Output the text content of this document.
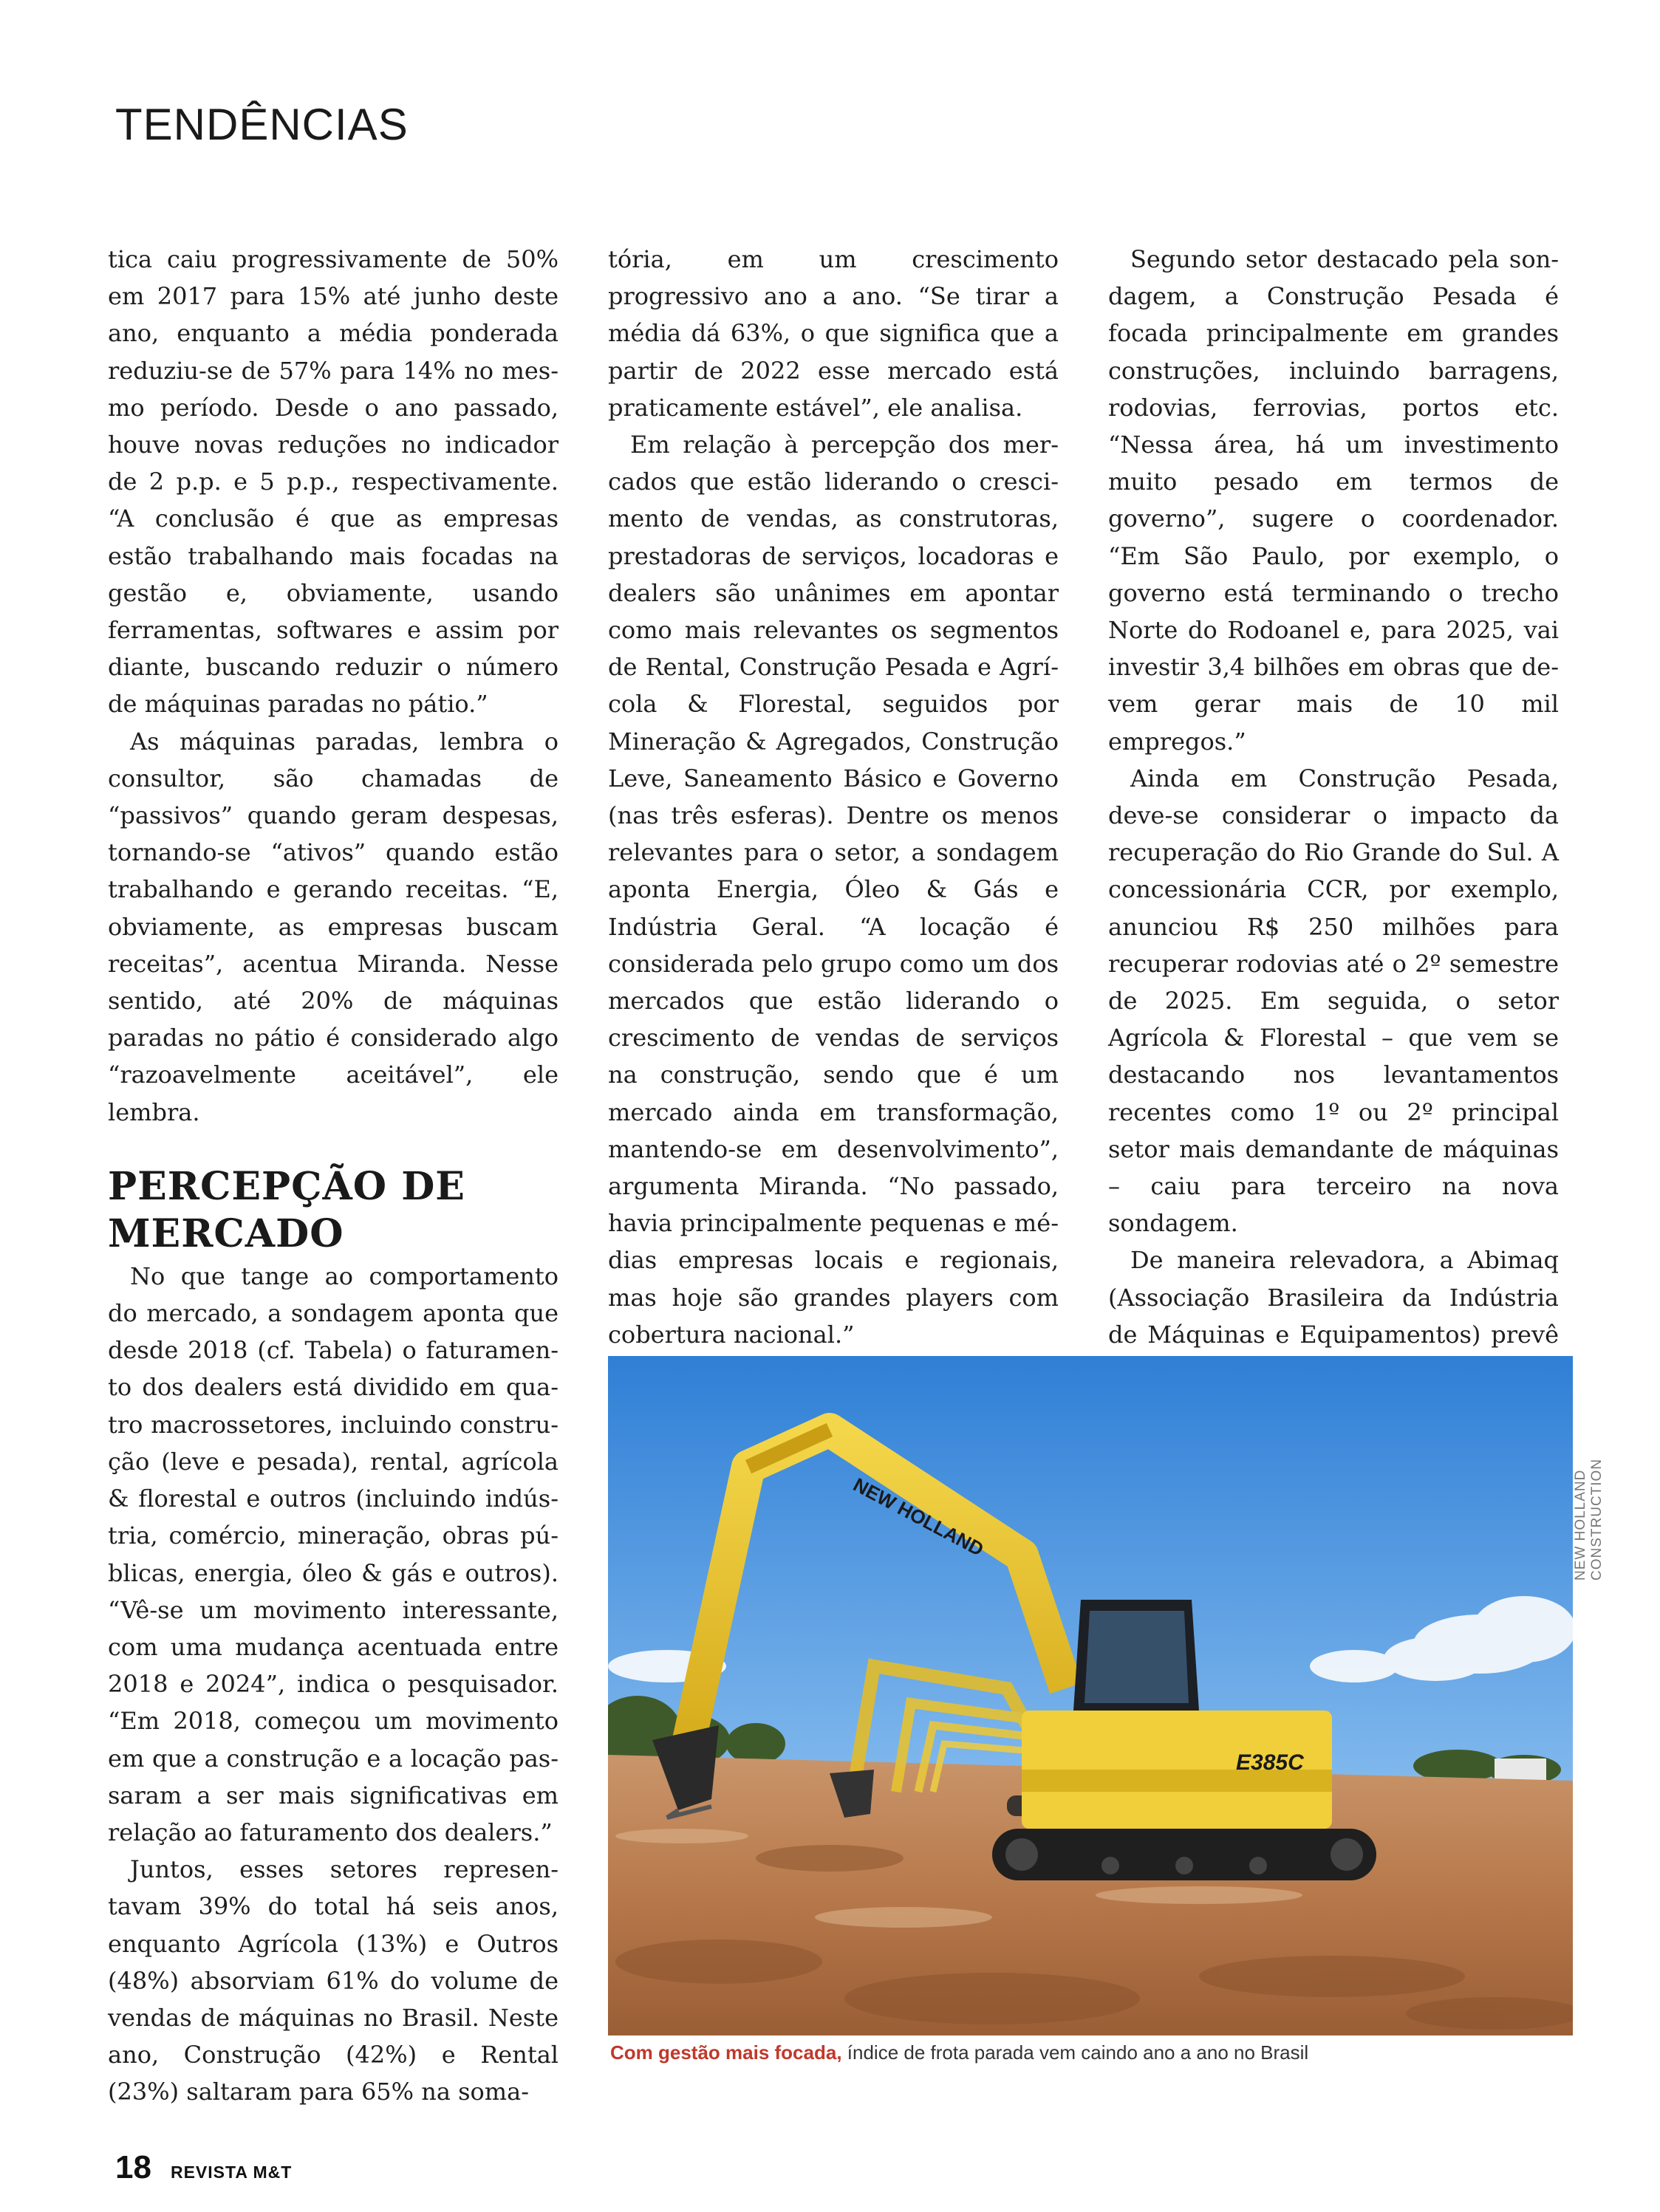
TENDÊNCIAS

tica caiu progressivamente de 50% em 2017 para 15% até junho deste ano, enquanto a média ponderada reduziu-se de 57% para 14% no mesmo período. Desde o ano passado, houve novas reduções no indicador de 2 p.p. e 5 p.p., respectivamente. “A conclusão é que as empresas estão trabalhando mais focadas na gestão e, obviamente, usando ferramentas, softwares e assim por diante, buscando reduzir o número de máquinas paradas no pátio.”

As máquinas paradas, lembra o consultor, são chamadas de “passivos” quando geram despesas, tornando-se “ativos” quando estão trabalhando e gerando receitas. “E, obviamente, as empresas buscam receitas”, acentua Miranda. Nesse sentido, até 20% de máquinas paradas no pátio é considerado algo “razoavelmente aceitável”, ele lembra.

PERCEPÇÃO DE MERCADO

No que tange ao comportamento do mercado, a sondagem aponta que desde 2018 (cf. Tabela) o faturamento dos dealers está dividido em quatro macrossetores, incluindo construção (leve e pesada), rental, agrícola & florestal e outros (incluindo indústria, comércio, mineração, obras públicas, energia, óleo & gás e outros). “Vê-se um movimento interessante, com uma mudança acentuada entre 2018 e 2024”, indica o pesquisador. “Em 2018, começou um movimento em que a construção e a locação passaram a ser mais significativas em relação ao faturamento dos dealers.”

Juntos, esses setores representavam 39% do total há seis anos, enquanto Agrícola (13%) e Outros (48%) absorviam 61% do volume de vendas de máquinas no Brasil. Neste ano, Construção (42%) e Rental (23%) saltaram para 65% na soma-

tória, em um crescimento progressivo ano a ano. “Se tirar a média dá 63%, o que significa que a partir de 2022 esse mercado está praticamente estável”, ele analisa.

Em relação à percepção dos mercados que estão liderando o crescimento de vendas, as construtoras, prestadoras de serviços, locadoras e dealers são unânimes em apontar como mais relevantes os segmentos de Rental, Construção Pesada e Agrícola & Florestal, seguidos por Mineração & Agregados, Construção Leve, Saneamento Básico e Governo (nas três esferas). Dentre os menos relevantes para o setor, a sondagem aponta Energia, Óleo & Gás e Indústria Geral. “A locação é considerada pelo grupo como um dos mercados que estão liderando o crescimento de vendas de serviços na construção, sendo que é um mercado ainda em transformação, mantendo-se em desenvolvimento”, argumenta Miranda. “No passado, havia principalmente pequenas e médias empresas locais e regionais, mas hoje são grandes players com cobertura nacional.”

Segundo setor destacado pela sondagem, a Construção Pesada é focada principalmente em grandes construções, incluindo barragens, rodovias, ferrovias, portos etc. “Nessa área, há um investimento muito pesado em termos de governo”, sugere o coordenador. “Em São Paulo, por exemplo, o governo está terminando o trecho Norte do Rodoanel e, para 2025, vai investir 3,4 bilhões em obras que devem gerar mais de 10 mil empregos.”

Ainda em Construção Pesada, deve-se considerar o impacto da recuperação do Rio Grande do Sul. A concessionária CCR, por exemplo, anunciou R$ 250 milhões para recuperar rodovias até o 2º semestre de 2025. Em seguida, o setor Agrícola & Florestal – que vem se destacando nos levantamentos recentes como 1º ou 2º principal setor mais demandante de máquinas – caiu para terceiro na nova sondagem.

De maneira relevadora, a Abimaq (Associação Brasileira da Indústria de Máquinas e Equipamentos) prevê

NEW HOLLAND
E385C
NEW HOLLAND CONSTRUCTION
Com gestão mais focada, índice de frota parada vem caindo ano a ano no Brasil
18 REVISTA M&T
